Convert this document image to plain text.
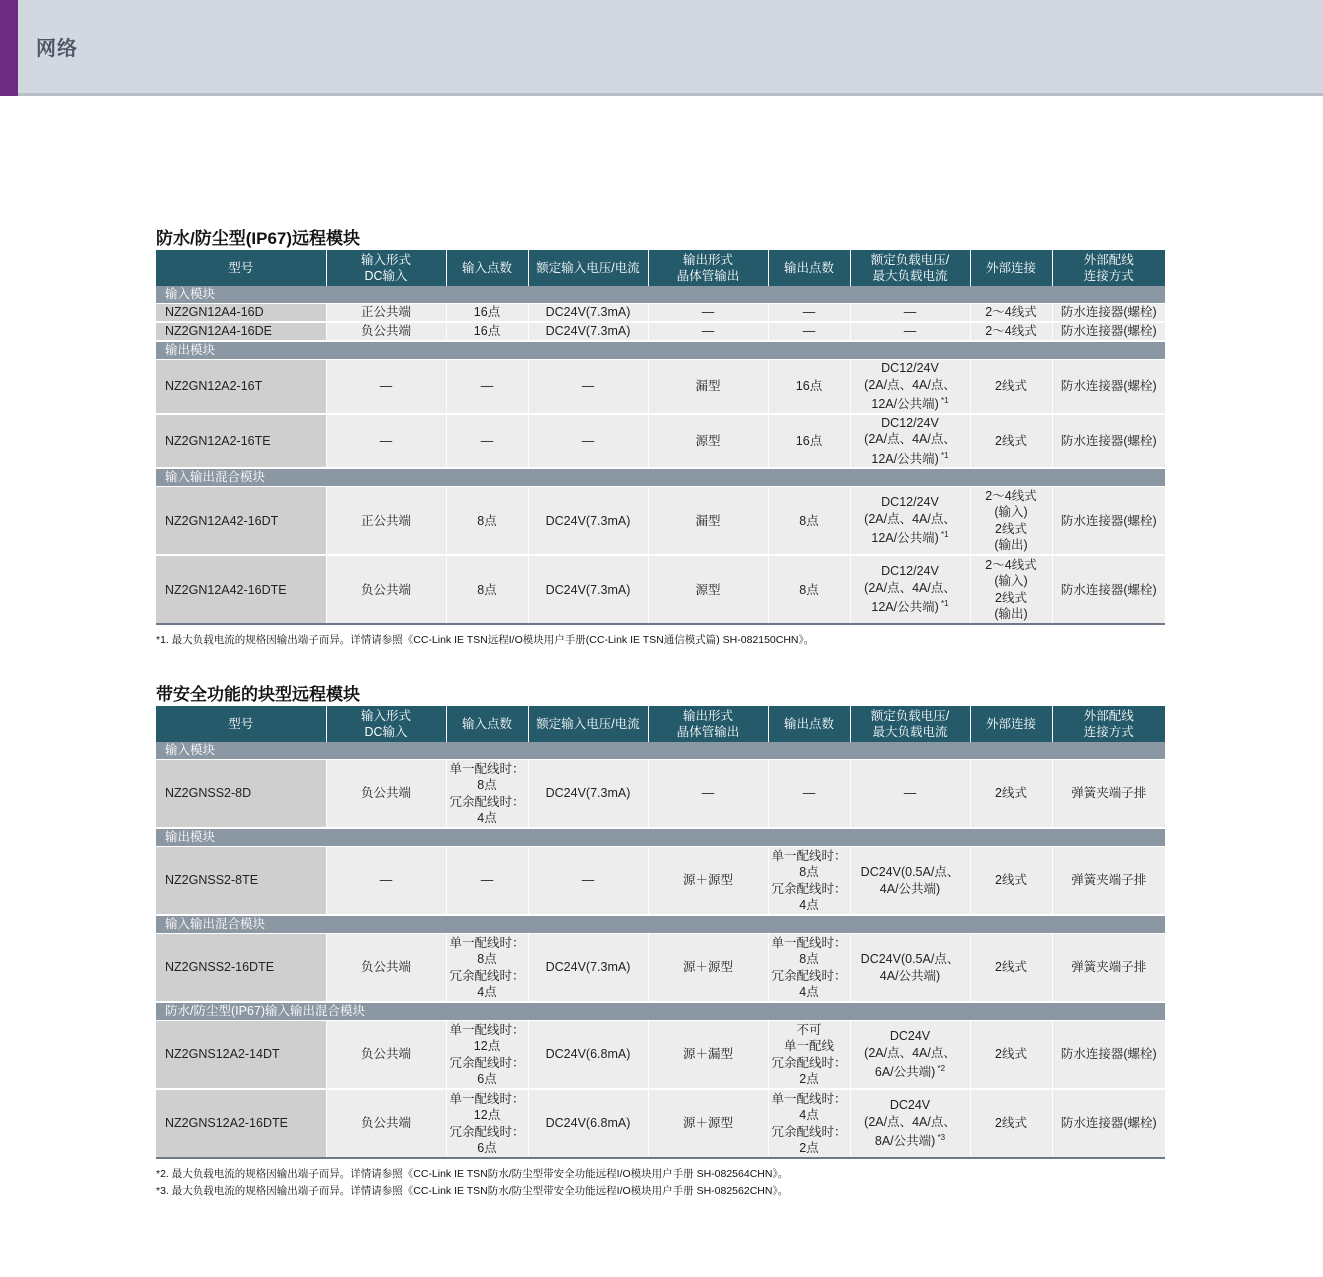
网络
防水/防尘型(IP67)远程模块
型号	输入形式
DC输入	输入点数	额定输入电压/电流	输出形式
晶体管输出	输出点数	额定负载电压/
最大负载电流	外部连接	外部配线
连接方式
输入模块								
NZ2GN12A4-16D	正公共端	16点	DC24V(7.3mA)	—	—	—	2～4线式	防水连接器(螺栓)
NZ2GN12A4-16DE	负公共端	16点	DC24V(7.3mA)	—	—	—	2～4线式	防水连接器(螺栓)
输出模块								
NZ2GN12A2-16T	—	—	—	漏型	16点	DC12/24V
(2A/点、4A/点、
12A/公共端) $^{*1}$	2线式	防水连接器(螺栓)
NZ2GN12A2-16TE	—	—	—	源型	16点	DC12/24V
(2A/点、4A/点、
12A/公共端) $^{*1}$	2线式	防水连接器(螺栓)
输入输出混合模块								
NZ2GN12A42-16DT	正公共端	8点	DC24V(7.3mA)	漏型	8点	DC12/24V
(2A/点、4A/点、
12A/公共端) $^{*1}$	2～4线式
(输入)
2线式
(输出)	防水连接器(螺栓)
NZ2GN12A42-16DTE	负公共端	8点	DC24V(7.3mA)	源型	8点	DC12/24V
(2A/点、4A/点、
12A/公共端) $^{*1}$	2～4线式
(输入)
2线式
(输出)	防水连接器(螺栓)
*1. 最大负载电流的规格因输出端子而异。详情请参照《CC-Link IE TSN远程I/O模块用户手册(CC-Link IE TSN通信模式篇) SH-082150CHN》。
带安全功能的块型远程模块
型号	输入形式
DC输入	输入点数	额定输入电压/电流	输出形式
晶体管输出	输出点数	额定负载电压/
最大负载电流	外部连接	外部配线
连接方式
输入模块								
NZ2GNSS2-8D	负公共端	单一配线时：
8点
冗余配线时：
4点	DC24V(7.3mA)	—	—	—	2线式	弹簧夹端子排
输出模块								
NZ2GNSS2-8TE	—	—	—	源＋源型	单一配线时：
8点
冗余配线时：
4点	DC24V(0.5A/点、
4A/公共端)	2线式	弹簧夹端子排
输入输出混合模块								
NZ2GNSS2-16DTE	负公共端	单一配线时：
8点
冗余配线时：
4点	DC24V(7.3mA)	源＋源型	单一配线时：
8点
冗余配线时：
4点	DC24V(0.5A/点、
4A/公共端)	2线式	弹簧夹端子排
防水/防尘型(IP67)输入输出混合模块								
NZ2GNS12A2-14DT	负公共端	单一配线时：
12点
冗余配线时：
6点	DC24V(6.8mA)	源＋漏型	不可
单一配线
冗余配线时：
2点	DC24V
(2A/点、4A/点、
6A/公共端) $^{*2}$	2线式	防水连接器(螺栓)
NZ2GNS12A2-16DTE	负公共端	单一配线时：
12点
冗余配线时：
6点	DC24V(6.8mA)	源＋源型	单一配线时：
4点
冗余配线时：
2点	DC24V
(2A/点、4A/点、
8A/公共端) $^{*3}$	2线式	防水连接器(螺栓)
*2. 最大负载电流的规格因输出端子而异。详情请参照《CC-Link IE TSN防水/防尘型带安全功能远程I/O模块用户手册 SH-082564CHN》。
*3. 最大负载电流的规格因输出端子而异。详情请参照《CC-Link IE TSN防水/防尘型带安全功能远程I/O模块用户手册 SH-082562CHN》。
